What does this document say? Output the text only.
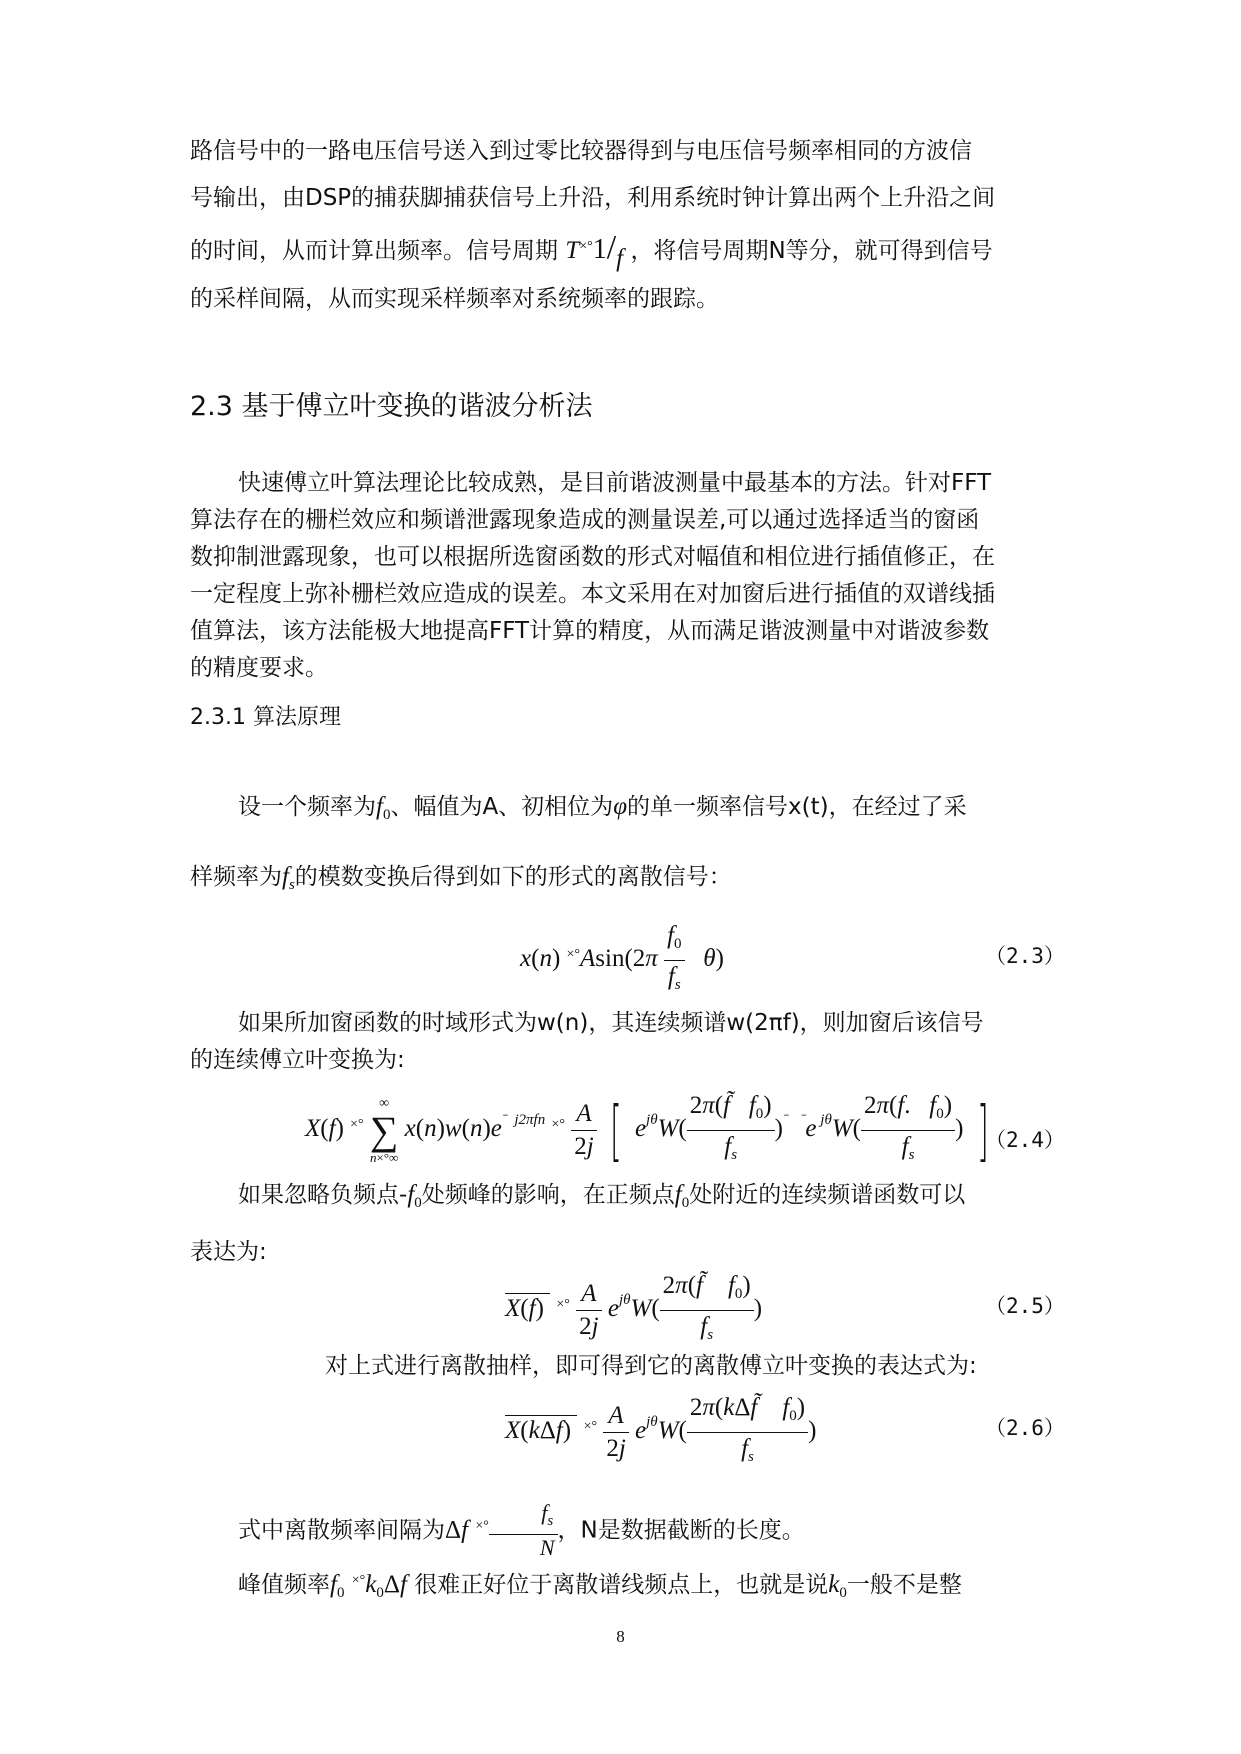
路信号中的一路电压信号送入到过零比较器得到与电压信号频率相同的方波信
号输出，由DSP的捕获脚捕获信号上升沿，利用系统时钟计算出两个上升沿之间
的时间，从而计算出频率。信号周期 T×°1/f ，将信号周期N等分，就可得到信号
的采样间隔，从而实现采样频率对系统频率的跟踪。
2.3 基于傅立叶变换的谐波分析法
快速傅立叶算法理论比较成熟，是目前谐波测量中最基本的方法。针对FFT
算法存在的栅栏效应和频谱泄露现象造成的测量误差,可以通过选择适当的窗函
数抑制泄露现象，也可以根据所选窗函数的形式对幅值和相位进行插值修正，在
一定程度上弥补栅栏效应造成的误差。本文采用在对加窗后进行插值的双谱线插
值算法，该方法能极大地提高FFT计算的精度，从而满足谐波测量中对谐波参数
的精度要求。
2.3.1 算法原理
设一个频率为$f_0$、幅值为A、初相位为φ的单一频率信号x(t)，在经过了采
样频率为$f_s$的模数变换后得到如下的形式的离散信号：
x(n) $^{\times^\circ}Asin(2\pi \frac{f_0}{f_s} \theta)$	（2.3）
如果所加窗函数的时域形式为w(n)，其连续频谱w(2πf)，则加窗后该信号
的连续傅立叶变换为:
X(f) ×°
∞
∑
n×°∞
$x(n)w(n)e^{ˉ j2\pi fn}$ $^{\times^\circ} \frac{A}{2j}$ [ $e^{j\theta}W( \frac{2\pi(f̃ f_0)}{f_s} )^ˉ$ $^ˉ$e $^{j\theta}W( \frac{2\pi(f. f_0)}{f_s}$ ) ]
（2.4）
如果忽略负频点$-f_0$处频峰的影响，在正频点$f_0$处附近的连续频谱函数可以
表达为:
X(f)  $^{\times^\circ} \frac{A}{2j} e^{j\theta}W( \frac{2\pi(f̃ f_0)}{f_s}$ )	（2.5）
对上式进行离散抽样，即可得到它的离散傅立叶变换的表达式为:
X(kΔf)  $^{\times^\circ} \frac{A}{2j} e^{j\theta}W( \frac{2\pi(k\Delta f̃ f_0)}{f_s}$ )	（2.6）
式中离散频率间隔为Δf $^{\times^\circ} \frac{f_s}{N}$ ，N是数据截断的长度。
峰值频率$f_0$ $^{\times^\circ}k_0\Delta f$ 很难正好位于离散谱线频点上，也就是说$k_0$一般不是整
8
